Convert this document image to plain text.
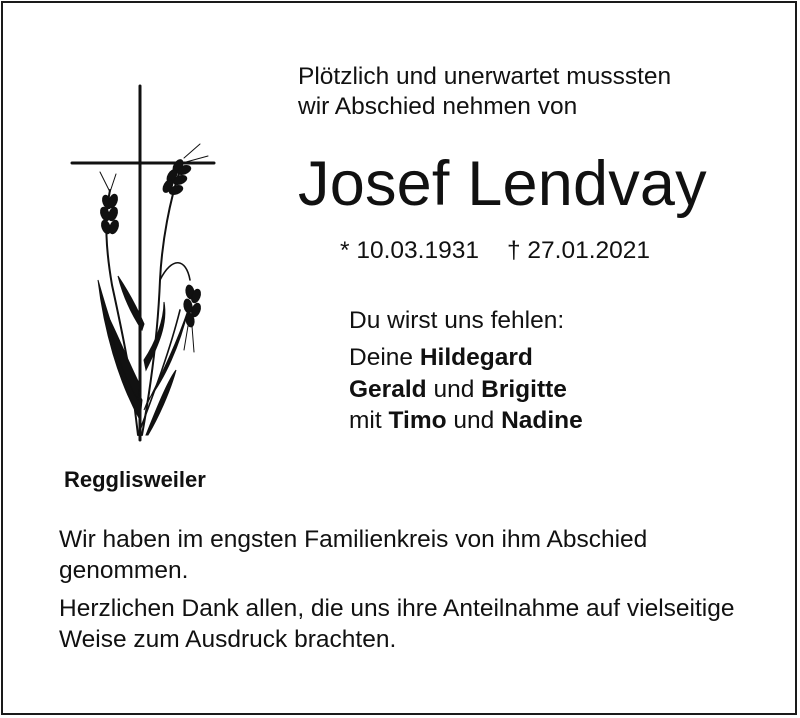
Plötzlich und unerwartet musssten
wir Abschied nehmen von
Josef Lendvay
* 10.03.1931 † 27.01.2021
Du wirst uns fehlen:
Deine Hildegard
Gerald und Brigitte
mit Timo und Nadine
Regglisweiler

Wir haben im engsten Familienkreis von ihm Abschied genommen.

Herzlichen Dank allen, die uns ihre Anteilnahme auf vielseitige Weise zum Ausdruck brachten.
